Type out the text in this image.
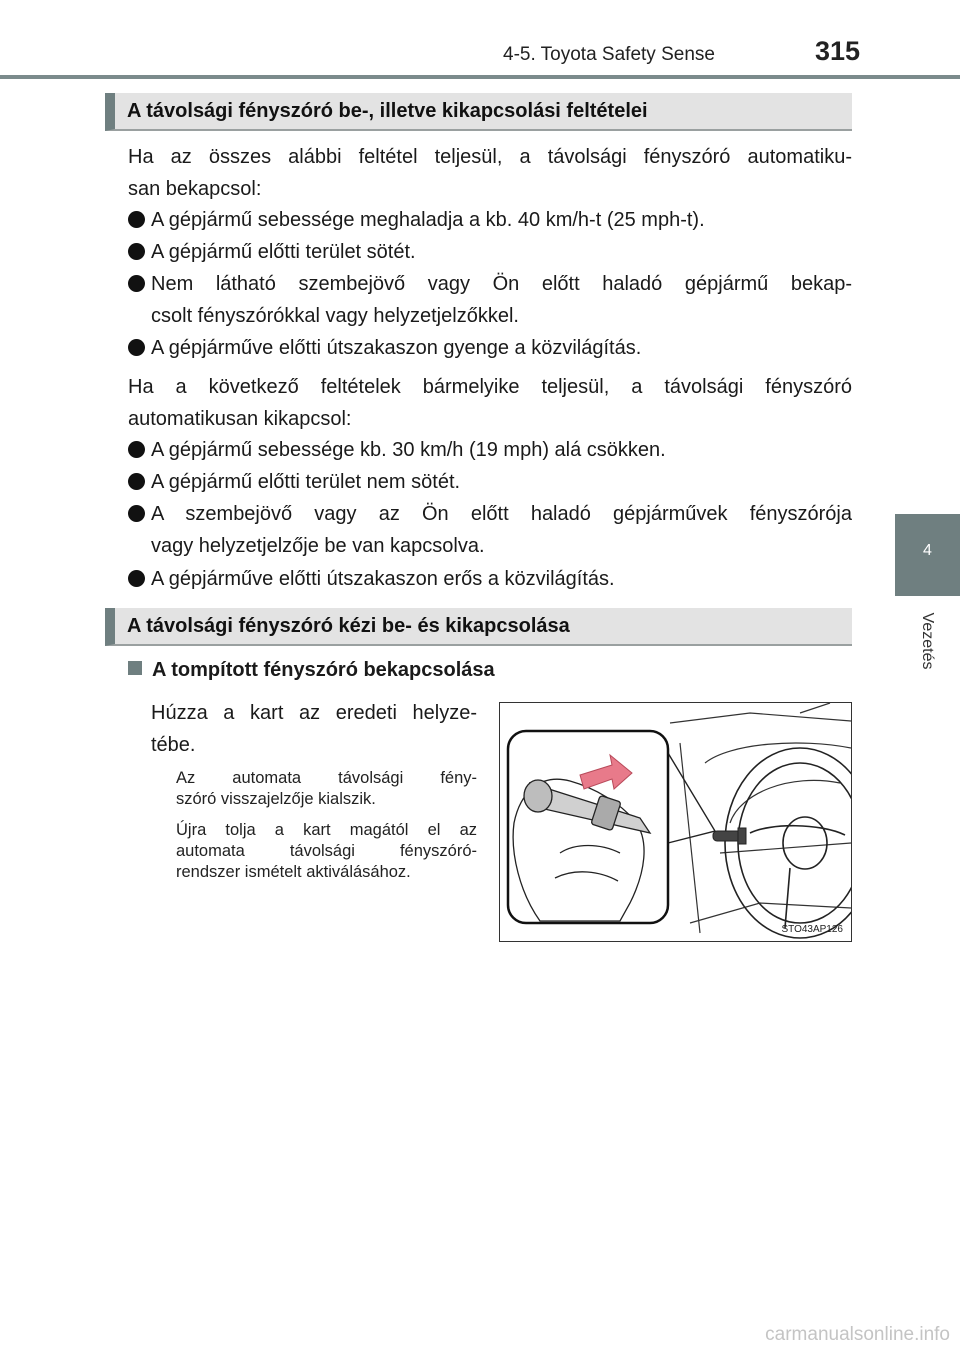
4-5. Toyota Safety Sense	315
4
Vezetés
A távolsági fényszóró be-, illetve kikapcsolási feltételei
Ha az összes alábbi feltétel teljesül, a távolsági fényszóró automatiku-
san bekapcsol:
A gépjármű sebessége meghaladja a kb. 40 km/h-t (25 mph-t).
A gépjármű előtti terület sötét.
Nem látható szembejövő vagy Ön előtt haladó gépjármű bekap-
csolt fényszórókkal vagy helyzetjelzőkkel.
A gépjárműve előtti útszakaszon gyenge a közvilágítás.
Ha a következő feltételek bármelyike teljesül, a távolsági fényszóró
automatikusan kikapcsol:
A gépjármű sebessége kb. 30 km/h (19 mph) alá csökken.
A gépjármű előtti terület nem sötét.
A szembejövő vagy az Ön előtt haladó gépjárművek fényszórója
vagy helyzetjelzője be van kapcsolva.
A gépjárműve előtti útszakaszon erős a közvilágítás.
A távolsági fényszóró kézi be- és kikapcsolása
A tompított fényszóró bekapcsolása
Húzza a kart az eredeti helyze-
tébe.
Az automata távolsági fény-
szóró visszajelzője kialszik.
Újra tolja a kart magától el az
automata távolsági fényszóró-
rendszer ismételt aktiválásához.
STO43AP126
carmanualsonline.info
